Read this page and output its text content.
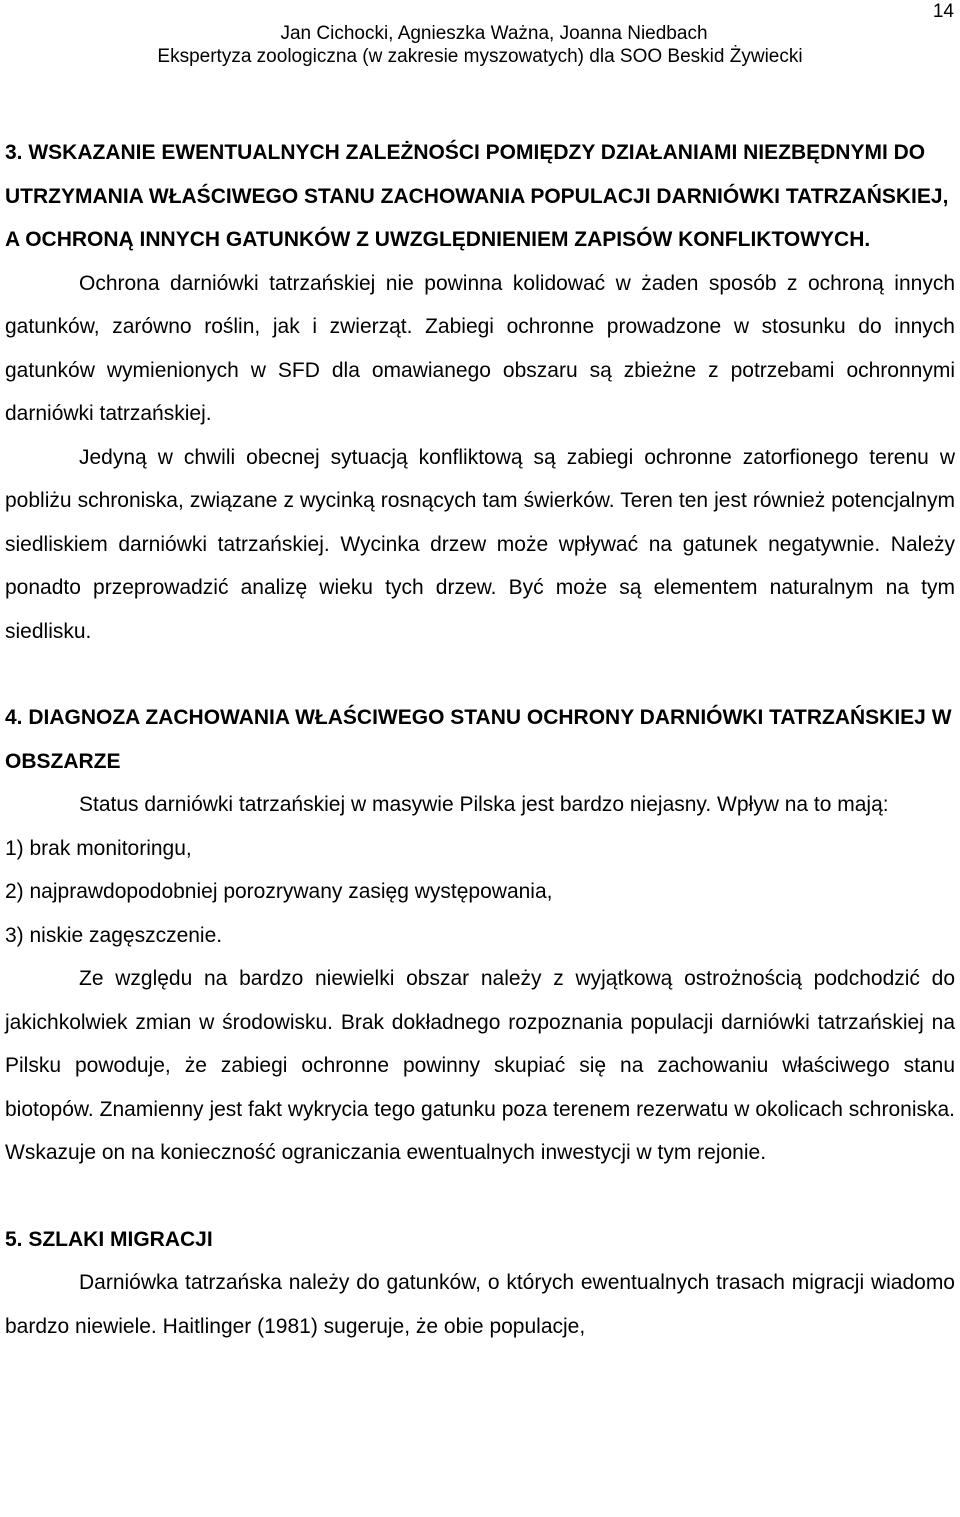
14
Jan Cichocki, Agnieszka Ważna, Joanna Niedbach
Ekspertyza zoologiczna (w zakresie myszowatych) dla SOO Beskid Żywiecki
3. WSKAZANIE EWENTUALNYCH ZALEŻNOŚCI POMIĘDZY DZIAŁANIAMI NIEZBĘDNYMI DO UTRZYMANIA WŁAŚCIWEGO STANU ZACHOWANIA POPULACJI DARNIÓWKI TATRZAŃSKIEJ, A OCHRONĄ INNYCH GATUNKÓW Z UWZGLĘDNIENIEM ZAPISÓW KONFLIKTOWYCH.

Ochrona darniówki tatrzańskiej nie powinna kolidować w żaden sposób z ochroną innych gatunków, zarówno roślin, jak i zwierząt. Zabiegi ochronne prowadzone w stosunku do innych gatunków wymienionych w SFD dla omawianego obszaru są zbieżne z potrzebami ochronnymi darniówki tatrzańskiej.

Jedyną w chwili obecnej sytuacją konfliktową są zabiegi ochronne zatorfionego terenu w pobliżu schroniska, związane z wycinką rosnących tam świerków. Teren ten jest również potencjalnym siedliskiem darniówki tatrzańskiej. Wycinka drzew może wpływać na gatunek negatywnie. Należy ponadto przeprowadzić analizę wieku tych drzew. Być może są elementem naturalnym na tym siedlisku.

4. DIAGNOZA ZACHOWANIA WŁAŚCIWEGO STANU OCHRONY DARNIÓWKI TATRZAŃSKIEJ W OBSZARZE

Status darniówki tatrzańskiej w masywie Pilska jest bardzo niejasny. Wpływ na to mają:

1) brak monitoringu,
2) najprawdopodobniej porozrywany zasięg występowania,
3) niskie zagęszczenie.

Ze względu na bardzo niewielki obszar należy z wyjątkową ostrożnością podchodzić do jakichkolwiek zmian w środowisku. Brak dokładnego rozpoznania populacji darniówki tatrzańskiej na Pilsku powoduje, że zabiegi ochronne powinny skupiać się na zachowaniu właściwego stanu biotopów. Znamienny jest fakt wykrycia tego gatunku poza terenem rezerwatu w okolicach schroniska. Wskazuje on na konieczność ograniczania ewentualnych inwestycji w tym rejonie.

5. SZLAKI MIGRACJI

Darniówka tatrzańska należy do gatunków, o których ewentualnych trasach migracji wiadomo bardzo niewiele. Haitlinger (1981) sugeruje, że obie populacje,
